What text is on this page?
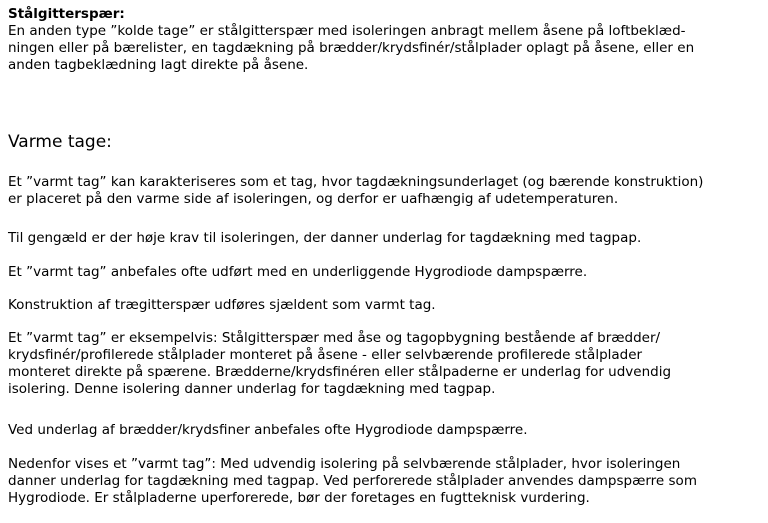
Stålgitterspær:

En anden type ”kolde tage” er stålgitterspær med isoleringen anbragt mellem åsene på loftbeklæd-
ningen eller på bærelister, en tagdækning på brædder/krydsfinér/stålplader oplagt på åsene, eller en
anden tagbeklædning lagt direkte på åsene.

Varme tage:

Et ”varmt tag” kan karakteriseres som et tag, hvor tagdækningsunderlaget (og bærende konstruktion)
er placeret på den varme side af isoleringen, og derfor er uafhængig af udetemperaturen.

Til gengæld er der høje krav til isoleringen, der danner underlag for tagdækning med tagpap.

Et ”varmt tag” anbefales ofte udført med en underliggende Hygrodiode dampspærre.

Konstruktion af trægitterspær udføres sjældent som varmt tag.

Et ”varmt tag” er eksempelvis: Stålgitterspær med åse og tagopbygning bestående af brædder/
krydsfinér/profilerede stålplader monteret på åsene - eller selvbærende profilerede stålplader
monteret direkte på spærene. Brædderne/krydsfinéren eller stålpaderne er underlag for udvendig
isolering. Denne isolering danner underlag for tagdækning med tagpap.

Ved underlag af brædder/krydsfiner anbefales ofte Hygrodiode dampspærre.

Nedenfor vises et ”varmt tag”: Med udvendig isolering på selvbærende stålplader, hvor isoleringen
danner underlag for tagdækning med tagpap. Ved perforerede stålplader anvendes dampspærre som
Hygrodiode. Er stålpladerne uperforerede, bør der foretages en fugtteknisk vurdering.
